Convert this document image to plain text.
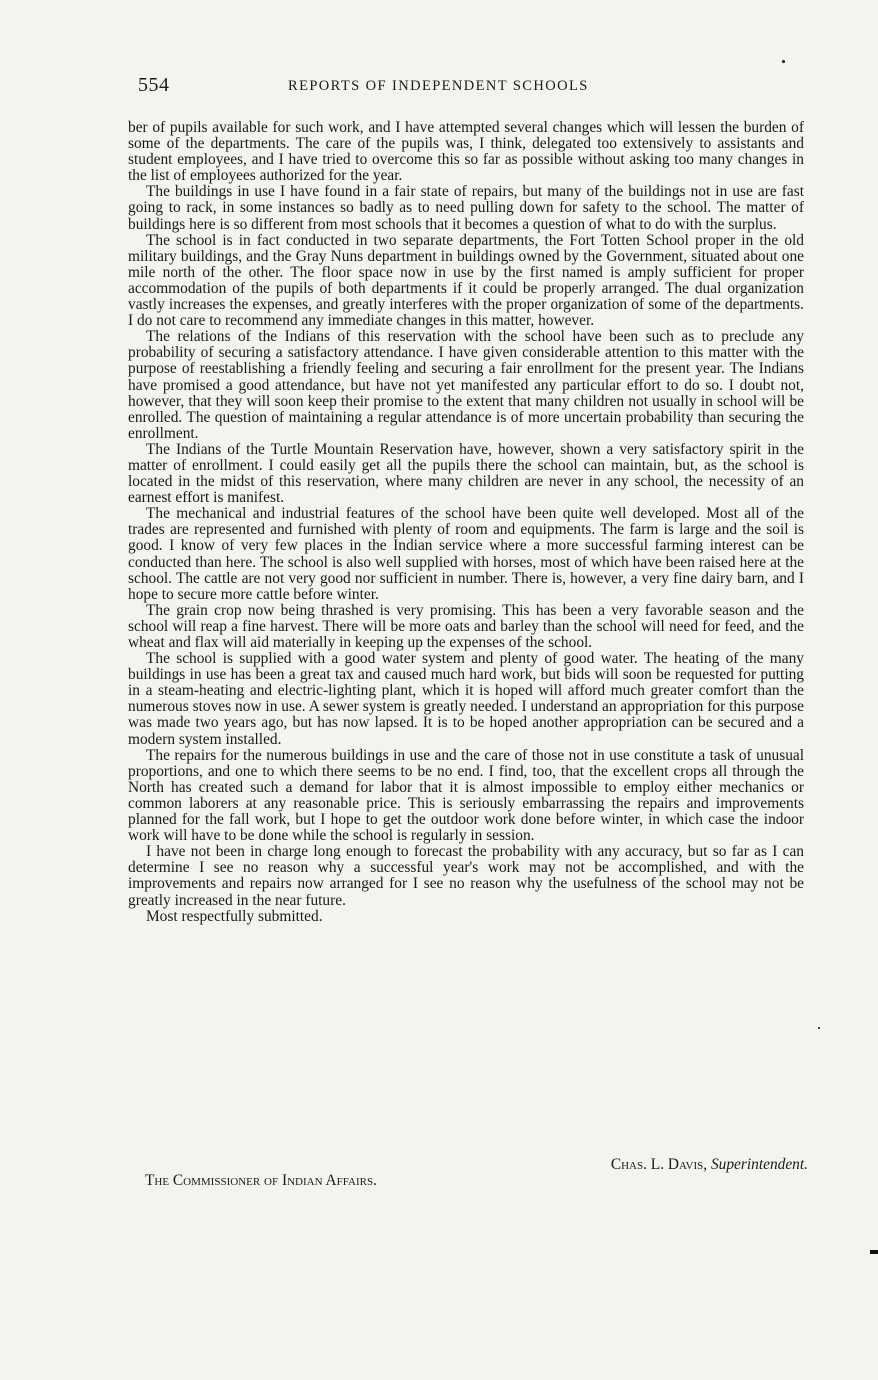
554	REPORTS OF INDEPENDENT SCHOOLS

ber of pupils available for such work, and I have attempted several changes which will lessen the burden of some of the departments. The care of the pupils was, I think, delegated too extensively to assistants and student employees, and I have tried to overcome this so far as possible without asking too many changes in the list of employees authorized for the year.

The buildings in use I have found in a fair state of repairs, but many of the buildings not in use are fast going to rack, in some instances so badly as to need pulling down for safety to the school. The matter of buildings here is so different from most schools that it becomes a question of what to do with the surplus.

The school is in fact conducted in two separate departments, the Fort Totten School proper in the old military buildings, and the Gray Nuns department in buildings owned by the Government, situated about one mile north of the other. The floor space now in use by the first named is amply sufficient for proper accommodation of the pupils of both departments if it could be properly arranged. The dual organization vastly increases the expenses, and greatly interferes with the proper organization of some of the departments. I do not care to recommend any immediate changes in this matter, however.

The relations of the Indians of this reservation with the school have been such as to preclude any probability of securing a satisfactory attendance. I have given considerable attention to this matter with the purpose of reestablishing a friendly feeling and securing a fair enrollment for the present year. The Indians have promised a good attendance, but have not yet manifested any particular effort to do so. I doubt not, however, that they will soon keep their promise to the extent that many children not usually in school will be enrolled. The question of maintaining a regular attendance is of more uncertain probability than securing the enrollment.

The Indians of the Turtle Mountain Reservation have, however, shown a very satisfactory spirit in the matter of enrollment. I could easily get all the pupils there the school can maintain, but, as the school is located in the midst of this reservation, where many children are never in any school, the necessity of an earnest effort is manifest.

The mechanical and industrial features of the school have been quite well developed. Most all of the trades are represented and furnished with plenty of room and equipments. The farm is large and the soil is good. I know of very few places in the Indian service where a more successful farming interest can be conducted than here. The school is also well supplied with horses, most of which have been raised here at the school. The cattle are not very good nor sufficient in number. There is, however, a very fine dairy barn, and I hope to secure more cattle before winter.

The grain crop now being thrashed is very promising. This has been a very favorable season and the school will reap a fine harvest. There will be more oats and barley than the school will need for feed, and the wheat and flax will aid materially in keeping up the expenses of the school.

The school is supplied with a good water system and plenty of good water. The heating of the many buildings in use has been a great tax and caused much hard work, but bids will soon be requested for putting in a steam-heating and electric-lighting plant, which it is hoped will afford much greater comfort than the numerous stoves now in use. A sewer system is greatly needed. I understand an appropriation for this purpose was made two years ago, but has now lapsed. It is to be hoped another appropriation can be secured and a modern system installed.

The repairs for the numerous buildings in use and the care of those not in use constitute a task of unusual proportions, and one to which there seems to be no end. I find, too, that the excellent crops all through the North has created such a demand for labor that it is almost impossible to employ either mechanics or common laborers at any reasonable price. This is seriously embarrassing the repairs and improvements planned for the fall work, but I hope to get the outdoor work done before winter, in which case the indoor work will have to be done while the school is regularly in session.

I have not been in charge long enough to forecast the probability with any accuracy, but so far as I can determine I see no reason why a successful year's work may not be accomplished, and with the improvements and repairs now arranged for I see no reason why the usefulness of the school may not be greatly increased in the near future.

Most respectfully submitted.

Chas. L. Davis, Superintendent.
The Commissioner of Indian Affairs.
